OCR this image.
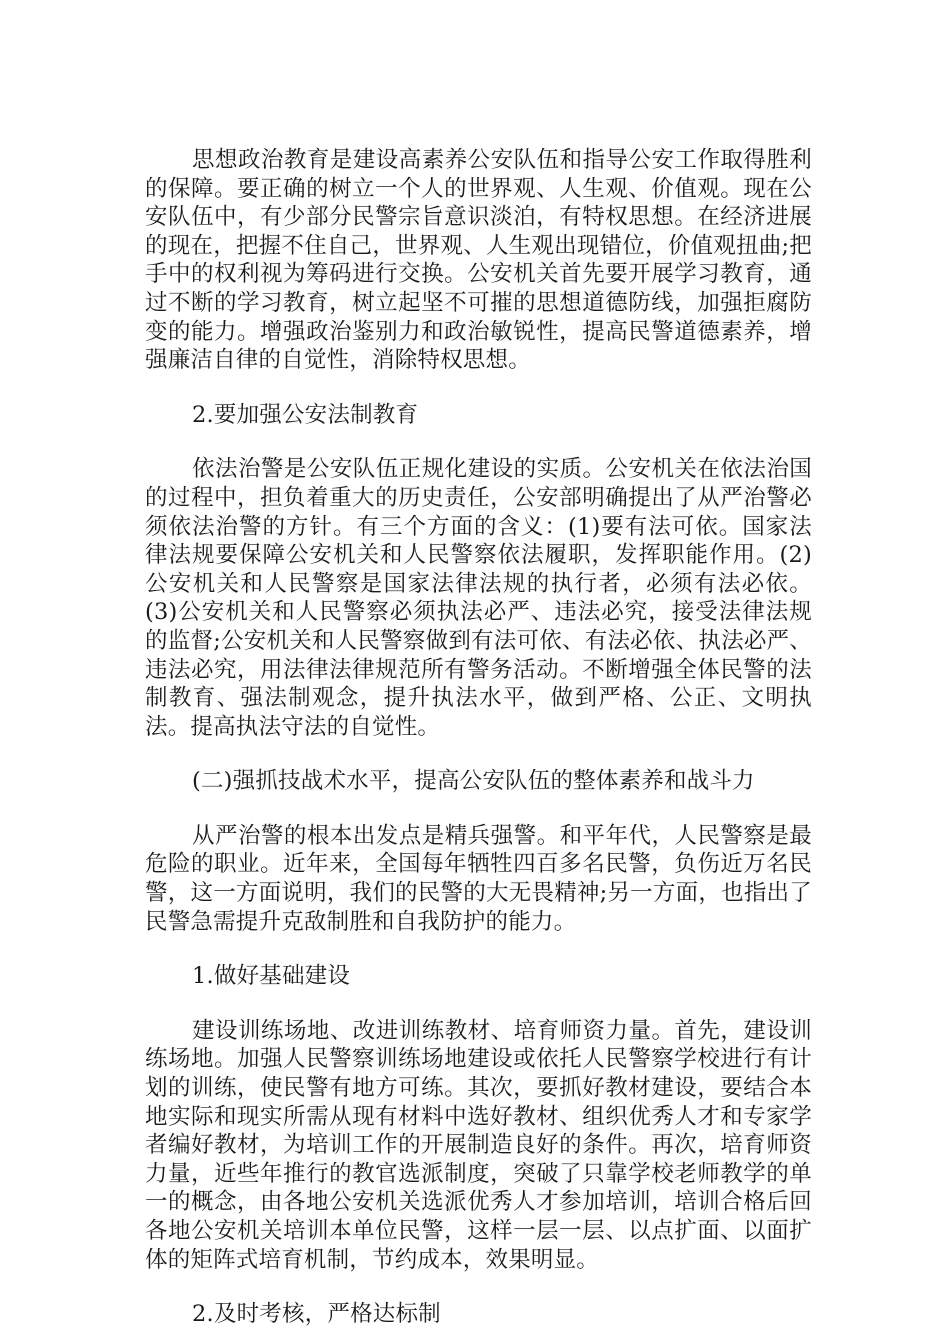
思想政治教育是建设高素养公安队伍和指导公安工作取得胜利的保障。要正确的树立一个人的世界观、人生观、价值观。现在公安队伍中，有少部分民警宗旨意识淡泊，有特权思想。在经济进展的现在，把握不住自己，世界观、人生观出现错位，价值观扭曲;把手中的权利视为筹码进行交换。公安机关首先要开展学习教育，通过不断的学习教育，树立起坚不可摧的思想道德防线，加强拒腐防变的能力。增强政治鉴别力和政治敏锐性，提高民警道德素养，增强廉洁自律的自觉性，消除特权思想。

2.要加强公安法制教育

依法治警是公安队伍正规化建设的实质。公安机关在依法治国的过程中，担负着重大的历史责任，公安部明确提出了从严治警必须依法治警的方针。有三个方面的含义：(1)要有法可依。国家法律法规要保障公安机关和人民警察依法履职，发挥职能作用。(2)公安机关和人民警察是国家法律法规的执行者，必须有法必依。(3)公安机关和人民警察必须执法必严、违法必究，接受法律法规的监督;公安机关和人民警察做到有法可依、有法必依、执法必严、违法必究，用法律法律规范所有警务活动。不断增强全体民警的法制教育、强法制观念，提升执法水平，做到严格、公正、文明执法。提高执法守法的自觉性。

(二)强抓技战术水平，提高公安队伍的整体素养和战斗力

从严治警的根本出发点是精兵强警。和平年代，人民警察是最危险的职业。近年来，全国每年牺牲四百多名民警，负伤近万名民警，这一方面说明，我们的民警的大无畏精神;另一方面，也指出了民警急需提升克敌制胜和自我防护的能力。

1.做好基础建设

建设训练场地、改进训练教材、培育师资力量。首先，建设训练场地。加强人民警察训练场地建设或依托人民警察学校进行有计划的训练，使民警有地方可练。其次，要抓好教材建设，要结合本地实际和现实所需从现有材料中选好教材、组织优秀人才和专家学者编好教材，为培训工作的开展制造良好的条件。再次，培育师资力量，近些年推行的教官选派制度，突破了只靠学校老师教学的单一的概念，由各地公安机关选派优秀人才参加培训，培训合格后回各地公安机关培训本单位民警，这样一层一层、以点扩面、以面扩体的矩阵式培育机制，节约成本，效果明显。

2.及时考核，严格达标制
